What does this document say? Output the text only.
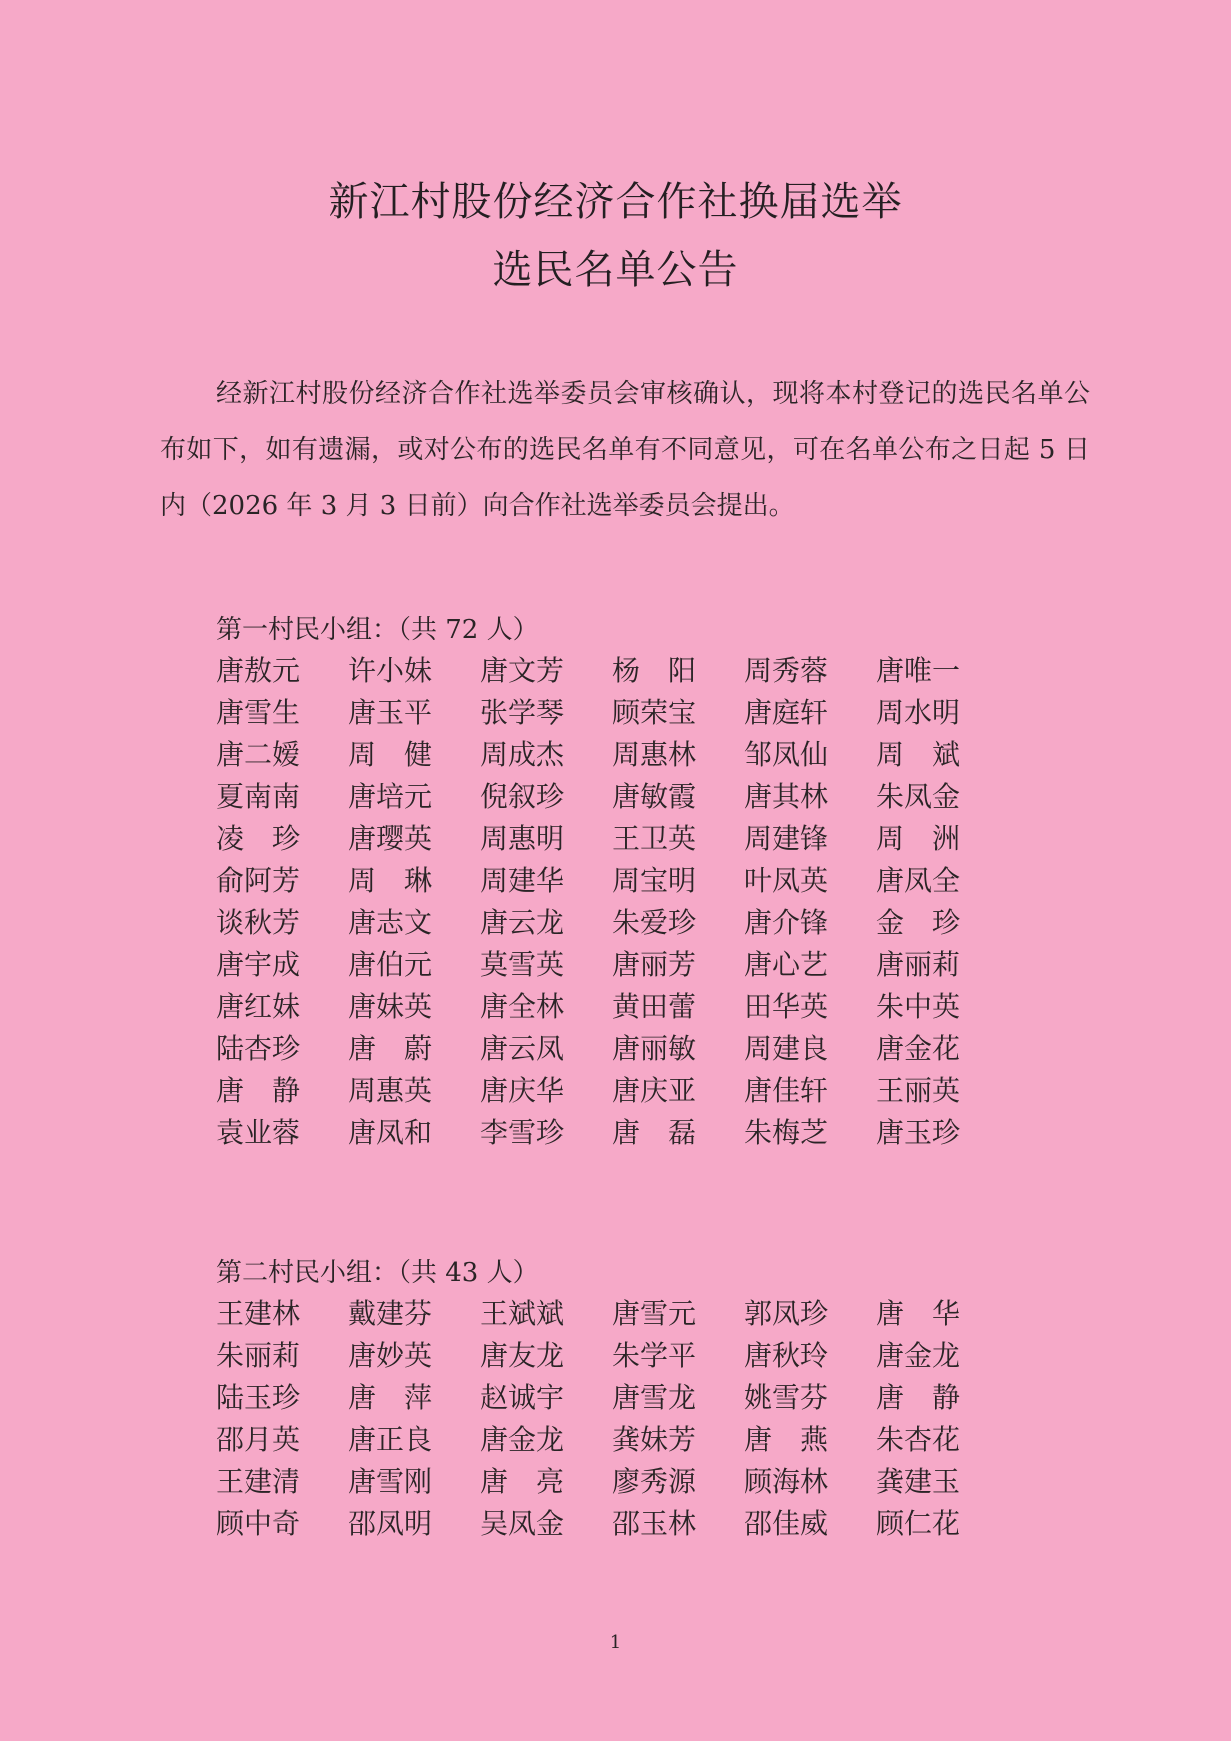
新江村股份经济合作社换届选举
选民名单公告

经新江村股份经济合作社选举委员会审核确认，现将本村登记的选民名单公布如下，如有遗漏，或对公布的选民名单有不同意见，可在名单公布之日起 5 日内（2026 年 3 月 3 日前）向合作社选举委员会提出。

第一村民小组：（共 72 人）
唐敖元	许小妹	唐文芳	杨　阳	周秀蓉	唐唯一
唐雪生	唐玉平	张学琴	顾荣宝	唐庭轩	周水明
唐二嫒	周　健	周成杰	周惠林	邹凤仙	周　斌
夏南南	唐培元	倪叙珍	唐敏霞	唐其林	朱凤金
凌　珍	唐璎英	周惠明	王卫英	周建锋	周　洲
俞阿芳	周　琳	周建华	周宝明	叶凤英	唐凤全
谈秋芳	唐志文	唐云龙	朱爱珍	唐介锋	金　珍
唐宇成	唐伯元	莫雪英	唐丽芳	唐心艺	唐丽莉
唐红妹	唐妹英	唐全林	黄田蕾	田华英	朱中英
陆杏珍	唐　蔚	唐云凤	唐丽敏	周建良	唐金花
唐　静	周惠英	唐庆华	唐庆亚	唐佳轩	王丽英
袁业蓉	唐凤和	李雪珍	唐　磊	朱梅芝	唐玉珍
第二村民小组：（共 43 人）
王建林	戴建芬	王斌斌	唐雪元	郭凤珍	唐　华
朱丽莉	唐妙英	唐友龙	朱学平	唐秋玲	唐金龙
陆玉珍	唐　萍	赵诚宇	唐雪龙	姚雪芬	唐　静
邵月英	唐正良	唐金龙	龚妹芳	唐　燕	朱杏花
王建清	唐雪刚	唐　亮	廖秀源	顾海林	龚建玉
顾中奇	邵凤明	吴凤金	邵玉林	邵佳威	顾仁花
1
